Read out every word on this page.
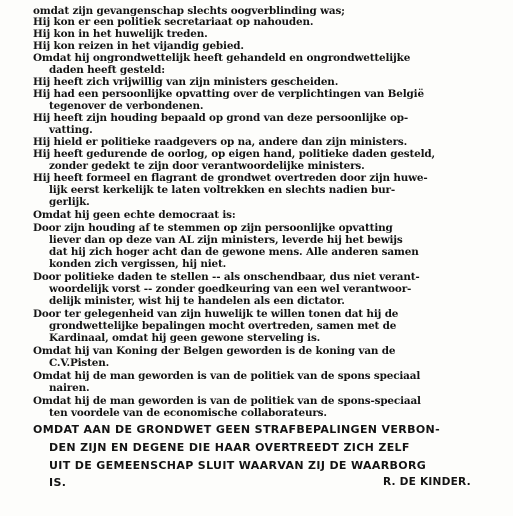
omdat zijn gevangenschap slechts oogverblinding was;

Hij kon er een politiek secretariaat op nahouden.

Hij kon in het huwelijk treden.

Hij kon reizen in het vijandig gebied.

Omdat hij ongrondwettelijk heeft gehandeld en ongrondwettelijke

daden heeft gesteld:

Hij heeft zich vrijwillig van zijn ministers gescheiden.

Hij had een persoonlijke opvatting over de verplichtingen van België

tegenover de verbondenen.

Hij heeft zijn houding bepaald op grond van deze persoonlijke op-

vatting.

Hij hield er politieke raadgevers op na, andere dan zijn ministers.

Hij heeft gedurende de oorlog, op eigen hand, politieke daden gesteld,

zonder gedekt te zijn door verantwoordelijke ministers.

Hij heeft formeel en flagrant de grondwet overtreden door zijn huwe-

lijk eerst kerkelijk te laten voltrekken en slechts nadien bur-

gerlijk.

Omdat hij geen echte democraat is:

Door zijn houding af te stemmen op zijn persoonlijke opvatting

liever dan op deze van AL zijn ministers, leverde hij het bewijs

dat hij zich hoger acht dan de gewone mens. Alle anderen samen

konden zich vergissen, hij niet.

Door politieke daden te stellen -- als onschendbaar, dus niet verant-

woordelijk vorst -- zonder goedkeuring van een wel verantwoor-

delijk minister, wist hij te handelen als een dictator.

Door ter gelegenheid van zijn huwelijk te willen tonen dat hij de

grondwettelijke bepalingen mocht overtreden, samen met de

Kardinaal, omdat hij geen gewone sterveling is.

Omdat hij van Koning der Belgen geworden is de koning van de

C.V.Pisten.

Omdat hij de man geworden is van de politiek van de spons speciaal

nairen.

Omdat hij de man geworden is van de politiek van de spons-speciaal

ten voordele van de economische collaborateurs.

OMDAT AAN DE GRONDWET GEEN STRAFBEPALINGEN VERBON-

DEN ZIJN EN DEGENE DIE HAAR OVERTREEDT ZICH ZELF

UIT DE GEMEENSCHAP SLUIT WAARVAN ZIJ DE WAARBORG

IS.	R. DE KINDER.
